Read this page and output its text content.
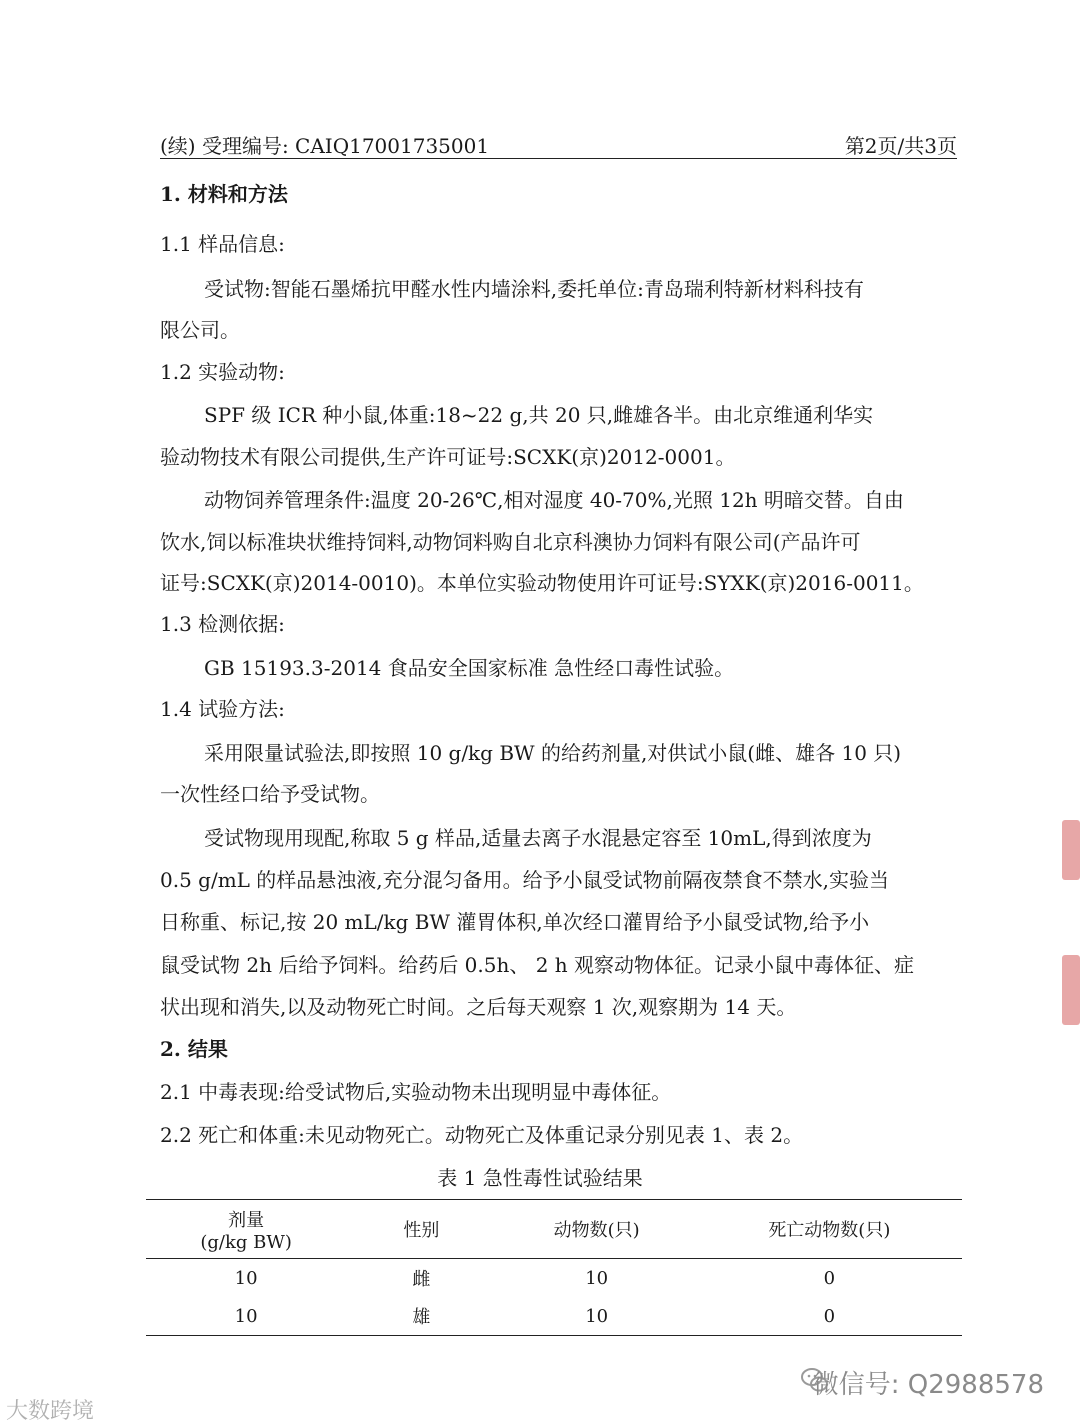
(续) 受理编号: CAIQ17001735001	第2页/共3页
1. 材料和方法
1.1 样品信息:
受试物:智能石墨烯抗甲醛水性内墙涂料,委托单位:青岛瑞利特新材料科技有
限公司。
1.2 实验动物:
SPF 级 ICR 种小鼠,体重:18~22 g,共 20 只,雌雄各半。由北京维通利华实
验动物技术有限公司提供,生产许可证号:SCXK(京)2012-0001。
动物饲养管理条件:温度 20-26℃,相对湿度 40-70%,光照 12h 明暗交替。自由
饮水,饲以标准块状维持饲料,动物饲料购自北京科澳协力饲料有限公司(产品许可
证号:SCXK(京)2014-0010)。本单位实验动物使用许可证号:SYXK(京)2016-0011。
1.3 检测依据:
GB 15193.3-2014 食品安全国家标准 急性经口毒性试验。
1.4 试验方法:
采用限量试验法,即按照 10 g/kg BW 的给药剂量,对供试小鼠(雌、雄各 10 只)
一次性经口给予受试物。
受试物现用现配,称取 5 g 样品,适量去离子水混悬定容至 10mL,得到浓度为
0.5 g/mL 的样品悬浊液,充分混匀备用。给予小鼠受试物前隔夜禁食不禁水,实验当
日称重、标记,按 20 mL/kg BW 灌胃体积,单次经口灌胃给予小鼠受试物,给予小
鼠受试物 2h 后给予饲料。给药后 0.5h、 2 h 观察动物体征。记录小鼠中毒体征、症
状出现和消失,以及动物死亡时间。之后每天观察 1 次,观察期为 14 天。
2. 结果
2.1 中毒表现:给受试物后,实验动物未出现明显中毒体征。
2.2 死亡和体重:未见动物死亡。动物死亡及体重记录分别见表 1、表 2。
表 1 急性毒性试验结果
剂量
(g/kg BW)	性别	动物数(只)	死亡动物数(只)
10	雌	10	0
10	雄	10	0
微信号: Q2988578
大数跨境
